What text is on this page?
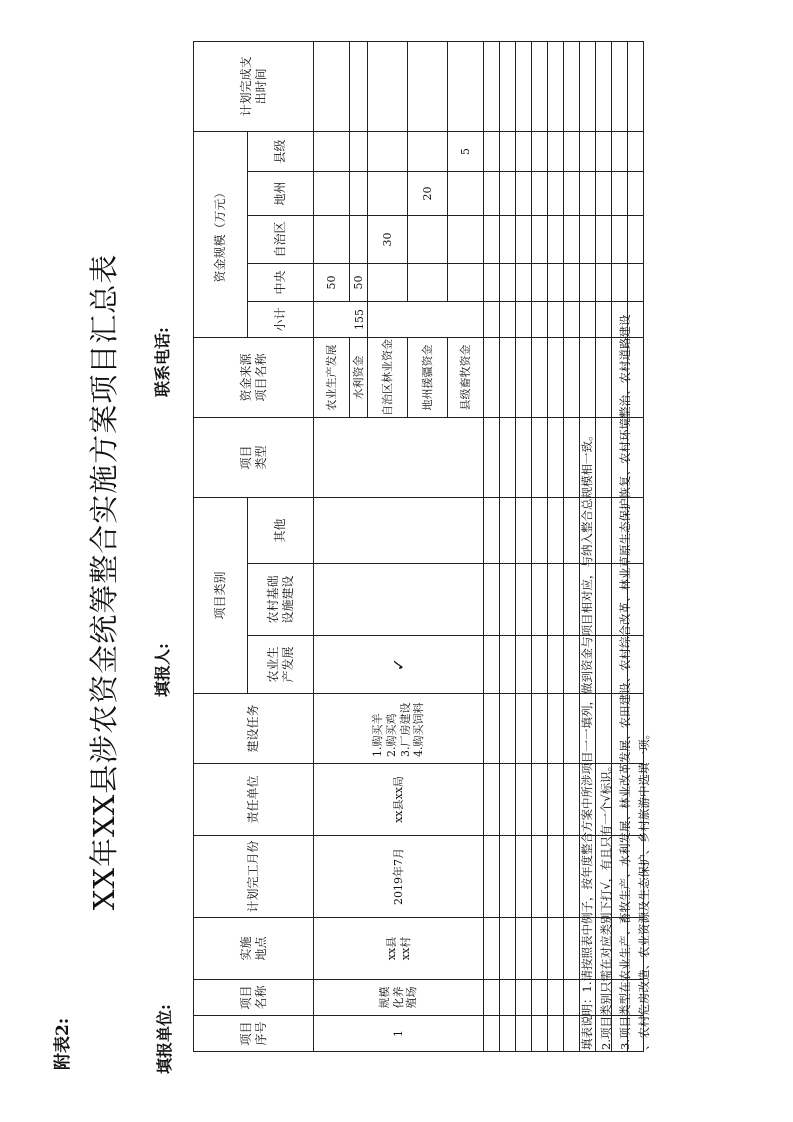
附表2:
XX年XX县涉农资金统筹整合实施方案项目汇总表
填报单位:
填报人:
联系电话:
项目序号	项目名称	实施地点	计划完工月份	责任单位	建设任务	项目类别			项目类型	资金来源项目名称	资金规模（万元）					计划完成支出时间

						农业生产发展	农村基础设施建设	其他			小计	中央	自治区	地州	县级	

1	规模化养殖场	xx县xx村	2019年7月	xx县xx局	1.购买羊 2.购买鸡 3.厂房建设 4.购买饲料	✓				农业生产发展	155	50				

										水利资金		50				

										自治区林业资金			30			

										地州援疆资金				20		

										县级畜牧资金					5	

填表说明：1.请按照表中例子，按年度整合方案中所涉项目一一填列，做到资金与项目相对应，与纳入整合总规模相一致。 2.项目类别只需在对应类别下打√，有且只有一个√标识。 3.项目类型在农业生产、畜牧生产、水利发展、林业改革发展、农田建设、农村综合改革、林业草原生态保护恢复、农村环境整治、农村道路建设 、农村危房改造、农业资源及生态保护、乡村旅游中选填一项。
